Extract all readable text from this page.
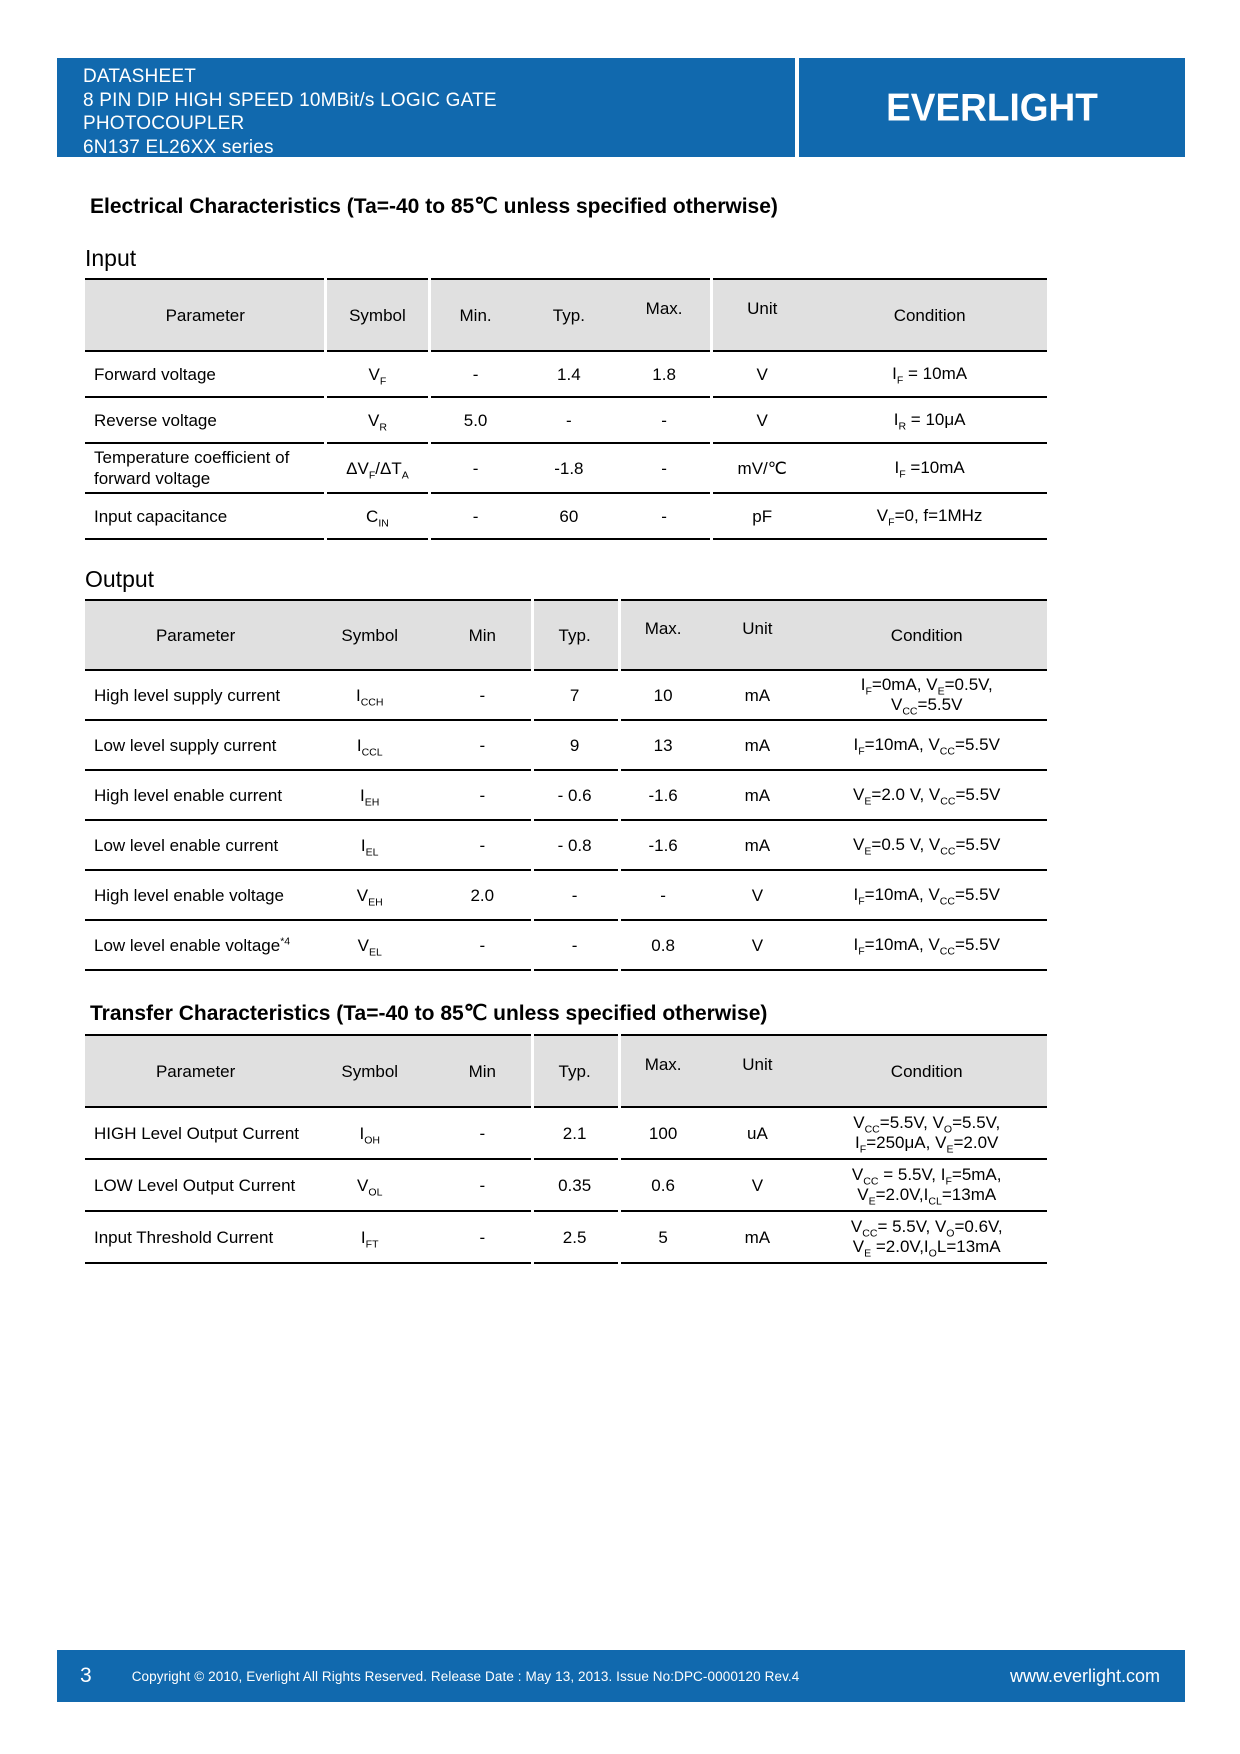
DATASHEET
8 PIN DIP HIGH SPEED 10MBit/s LOGIC GATE
PHOTOCOUPLER
6N137 EL26XX series
EVERLIGHT
Electrical Characteristics (Ta=-40 to 85℃ unless specified otherwise)
Input
Parameter	Symbol	Min.	Typ.	Max.	Unit	Condition
Forward voltage	$V_F$	-	1.4	1.8	V	$I_F = 10mA$
Reverse voltage	$V_R$	5.0	-	-	V	$I_R = 10\mu A$
Temperature coefficient of forward voltage
$\Delta V_F/\Delta T_A$	-	-1.8	-	mV/℃	$I_F =10mA$
Input capacitance	$C_{IN}$	-	60	-	pF	$V_F=0$, f=1MHz
Output
Parameter	Symbol	Min	Typ.	Max.	Unit	Condition
High level supply current	$I_{CCH}$	-	7	10	mA
$I_F=0mA$, $V_E=0.5V$,
$V_{CC}=5.5V$
Low level supply current	$I_{CCL}$	-	9	13	mA	$I_F=10mA$, $V_{CC}=5.5V$
High level enable current	$I_{EH}$	-	- 0.6	-1.6	mA	$V_E=2.0$ V, $V_{CC}=5.5V$
Low level enable current	$I_{EL}$	-	- 0.8	-1.6	mA	$V_E=0.5$ V, $V_{CC}=5.5V$
High level enable voltage	$V_{EH}$	2.0	-	-	V	$I_F=10mA$, $V_{CC}=5.5V$
Low level enable voltage$^{*4}$	$V_{EL}$	-	-	0.8	V	$I_F=10mA$, $V_{CC}=5.5V$
Transfer Characteristics (Ta=-40 to 85℃ unless specified otherwise)
Parameter	Symbol	Min	Typ.	Max.	Unit	Condition
HIGH Level Output Current	$I_{OH}$	-	2.1	100	uA
$V_{CC}=5.5V$, $V_O=5.5V$,
$I_F=250\mu A$, $V_E=2.0V$
LOW Level Output Current	$V_{OL}$	-	0.35	0.6	V
$V_{CC} = 5.5V$, $I_F=5mA$,
$V_E=2.0V,I_{CL}=13mA$
Input Threshold Current	$I_{FT}$	-	2.5	5	mA
$V_{CC}= 5.5V$, $V_O=0.6V$,
$V_E =2.0V,I_OL=13mA$
3	Copyright © 2010, Everlight All Rights Reserved. Release Date : May 13, 2013. Issue No:DPC-0000120 Rev.4	www.everlight.com
